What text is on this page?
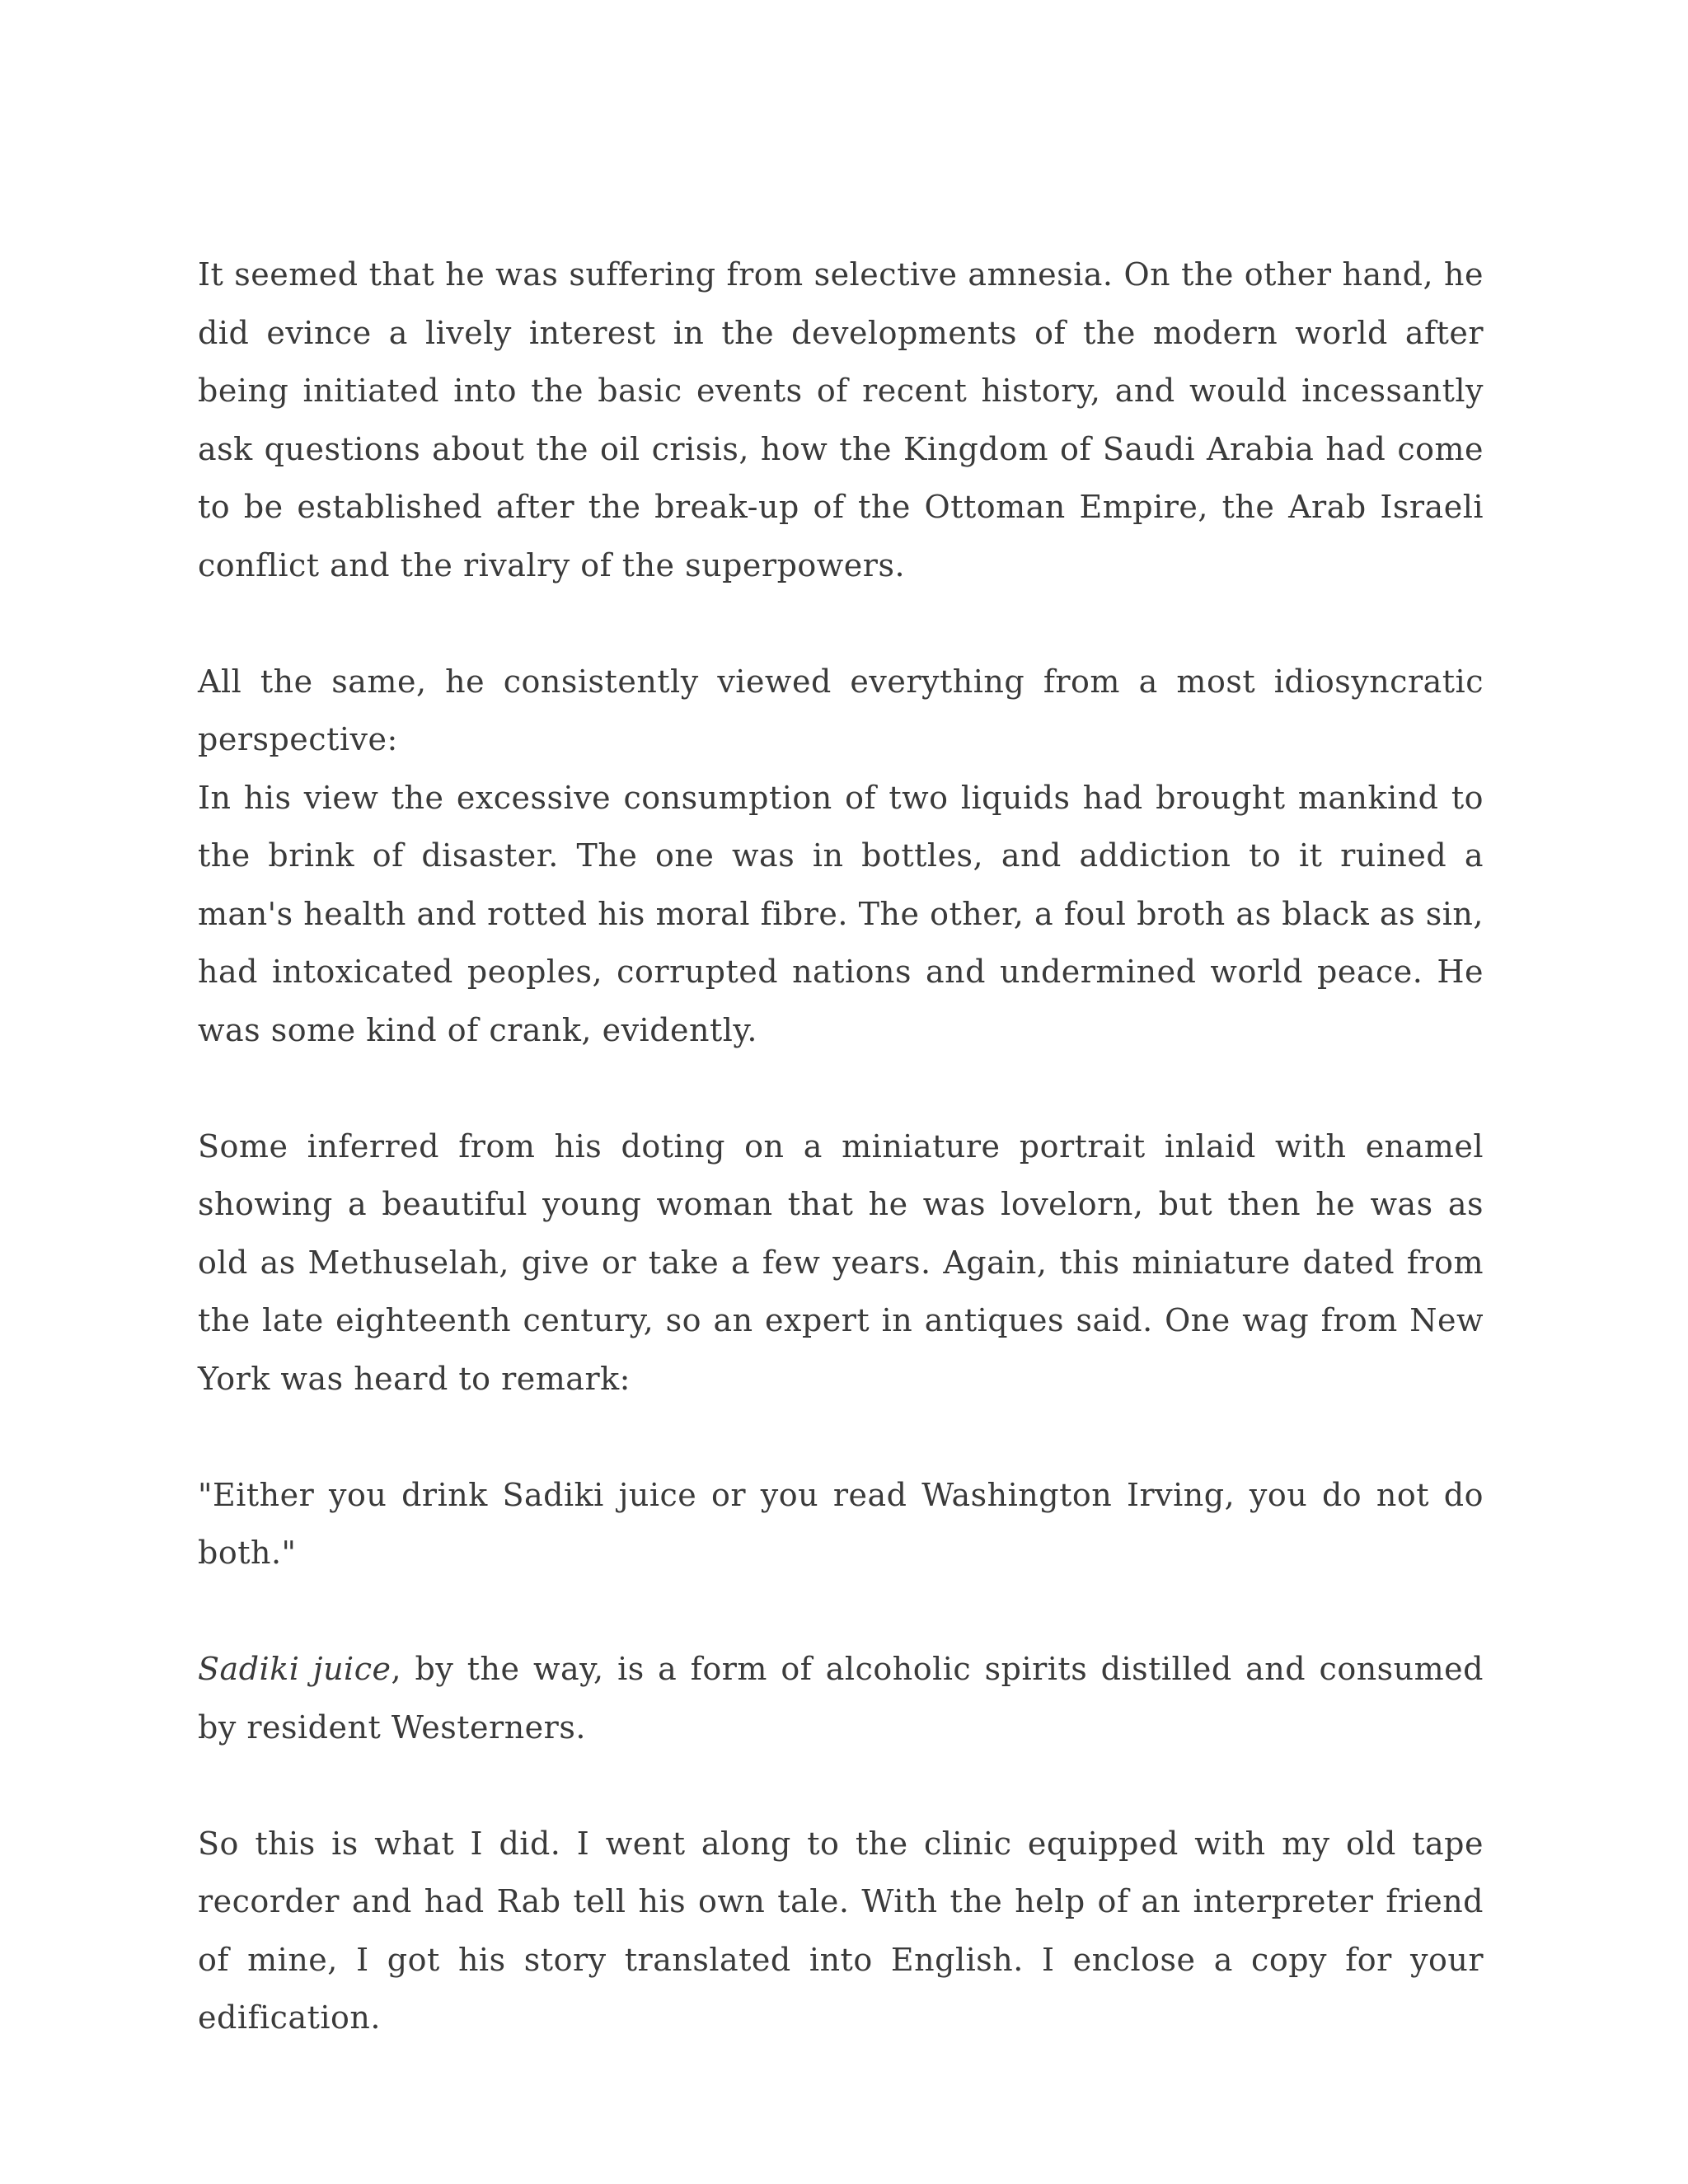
It seemed that he was suffering from selective amnesia. On the other hand, he did evince a lively interest in the developments of the modern world after being initiated into the basic events of recent history, and would incessantly ask questions about the oil crisis, how the Kingdom of Saudi Arabia had come to be established after the break-up of the Ottoman Empire, the Arab Israeli conflict and the rivalry of the superpowers.

All the same, he consistently viewed everything from a most idiosyncratic perspective:

In his view the excessive consumption of two liquids had brought mankind to the brink of disaster. The one was in bottles, and addiction to it ruined a man's health and rotted his moral fibre. The other, a foul broth as black as sin, had intoxicated peoples, corrupted nations and undermined world peace. He was some kind of crank, evidently.

Some inferred from his doting on a miniature portrait inlaid with enamel showing a beautiful young woman that he was lovelorn, but then he was as old as Methuselah, give or take a few years. Again, this miniature dated from the late eighteenth century, so an expert in antiques said. One wag from New York was heard to remark:

"Either you drink Sadiki juice or you read Washington Irving, you do not do both."

Sadiki juice, by the way, is a form of alcoholic spirits distilled and consumed by resident Westerners.

So this is what I did. I went along to the clinic equipped with my old tape recorder and had Rab tell his own tale. With the help of an interpreter friend of mine, I got his story translated into English. I enclose a copy for your edification.
